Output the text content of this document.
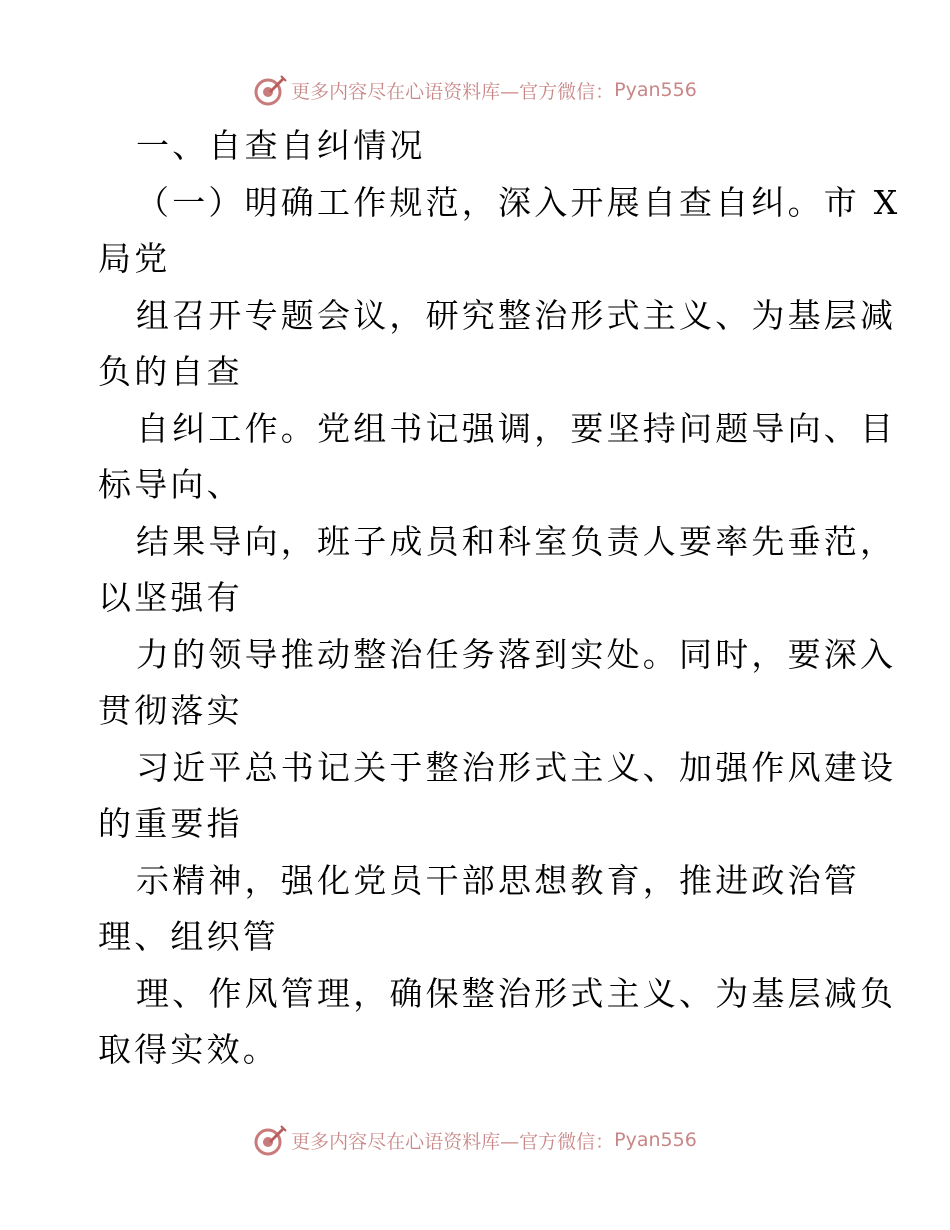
更多内容尽在心语资料库—官方微信： Pyan556
一、自查自纠情况
（一）明确工作规范，深入开展自查自纠。市 X
局党
组召开专题会议，研究整治形式主义、为基层减
负的自查
自纠工作。党组书记强调，要坚持问题导向、目
标导向、
结果导向，班子成员和科室负责人要率先垂范，
以坚强有
力的领导推动整治任务落到实处。同时，要深入
贯彻落实
习近平总书记关于整治形式主义、加强作风建设
的重要指
示精神，强化党员干部思想教育，推进政治管
理、组织管
理、作风管理，确保整治形式主义、为基层减负
取得实效。
更多内容尽在心语资料库—官方微信： Pyan556
